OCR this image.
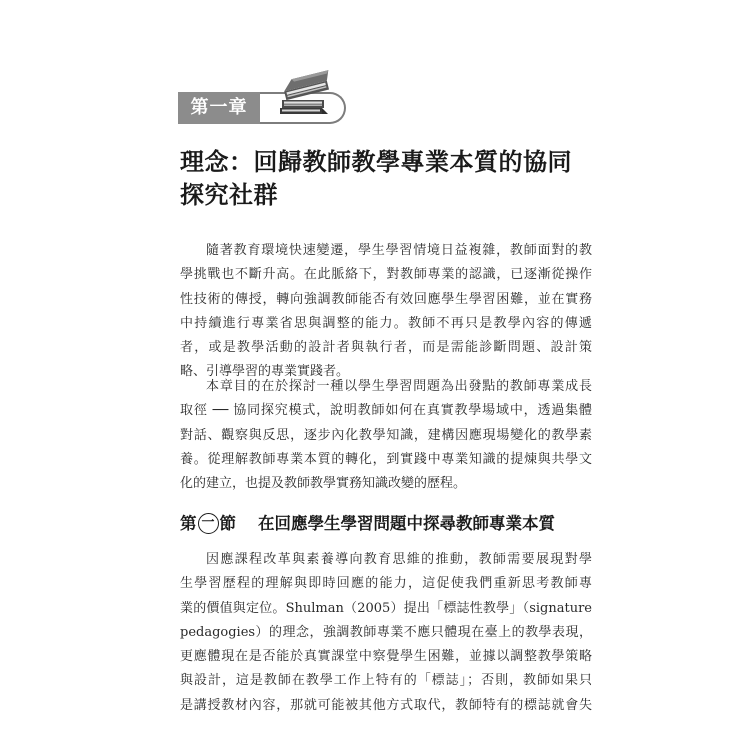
第一章
理念：回歸教師教學專業本質的協同
探究社群
隨著教育環境快速變遷，學生學習情境日益複雜，教師面對的教
學挑戰也不斷升高。在此脈絡下，對教師專業的認識，已逐漸從操作
性技術的傳授，轉向強調教師能否有效回應學生學習困難，並在實務
中持續進行專業省思與調整的能力。教師不再只是教學內容的傳遞
者，或是教學活動的設計者與執行者，而是需能診斷問題、設計策
略、引導學習的專業實踐者。
本章目的在於探討一種以學生學習問題為出發點的教師專業成長
取徑 ── 協同探究模式，說明教師如何在真實教學場域中，透過集體
對話、觀察與反思，逐步內化教學知識，建構因應現場變化的教學素
養。從理解教師專業本質的轉化，到實踐中專業知識的提煉與共學文
化的建立，也提及教師教學實務知識改變的歷程。
第 一 節 在回應學生學習問題中探尋教師專業本質
因應課程改革與素養導向教育思維的推動，教師需要展現對學
生學習歷程的理解與即時回應的能力，這促使我們重新思考教師專
業的價值與定位。Shulman（2005）提出「標誌性教學」（signature
pedagogies）的理念，強調教師專業不應只體現在臺上的教學表現，
更應體現在是否能於真實課堂中察覺學生困難，並據以調整教學策略
與設計，這是教師在教學工作上特有的「標誌」；否則，教師如果只
是講授教材內容，那就可能被其他方式取代，教師特有的標誌就會失
